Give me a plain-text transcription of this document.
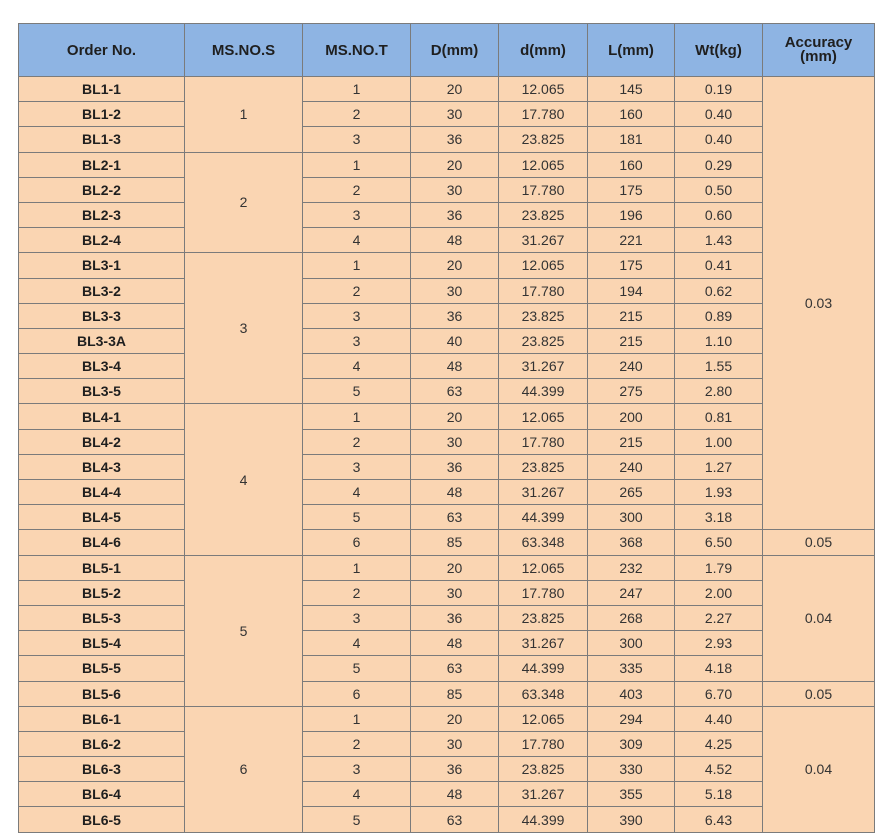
Order No.	MS.NO.S	MS.NO.T	D(mm)	d(mm)	L(mm)	Wt(kg)	Accuracy
(mm)
BL1-1	1	1	20	12.065	145	0.19	0.03
BL1-2		2	30	17.780	160	0.40	
BL1-3		3	36	23.825	181	0.40	
BL2-1	2	1	20	12.065	160	0.29	
BL2-2		2	30	17.780	175	0.50	
BL2-3		3	36	23.825	196	0.60	
BL2-4		4	48	31.267	221	1.43	
BL3-1	3	1	20	12.065	175	0.41	
BL3-2		2	30	17.780	194	0.62	
BL3-3		3	36	23.825	215	0.89	
BL3-3A		3	40	23.825	215	1.10	
BL3-4		4	48	31.267	240	1.55	
BL3-5		5	63	44.399	275	2.80	
BL4-1	4	1	20	12.065	200	0.81	
BL4-2		2	30	17.780	215	1.00	
BL4-3		3	36	23.825	240	1.27	
BL4-4		4	48	31.267	265	1.93	
BL4-5		5	63	44.399	300	3.18	
BL4-6		6	85	63.348	368	6.50	0.05
BL5-1	5	1	20	12.065	232	1.79	0.04
BL5-2		2	30	17.780	247	2.00	
BL5-3		3	36	23.825	268	2.27	
BL5-4		4	48	31.267	300	2.93	
BL5-5		5	63	44.399	335	4.18	
BL5-6		6	85	63.348	403	6.70	0.05
BL6-1	6	1	20	12.065	294	4.40	0.04
BL6-2		2	30	17.780	309	4.25	
BL6-3		3	36	23.825	330	4.52	
BL6-4		4	48	31.267	355	5.18	
BL6-5		5	63	44.399	390	6.43	
